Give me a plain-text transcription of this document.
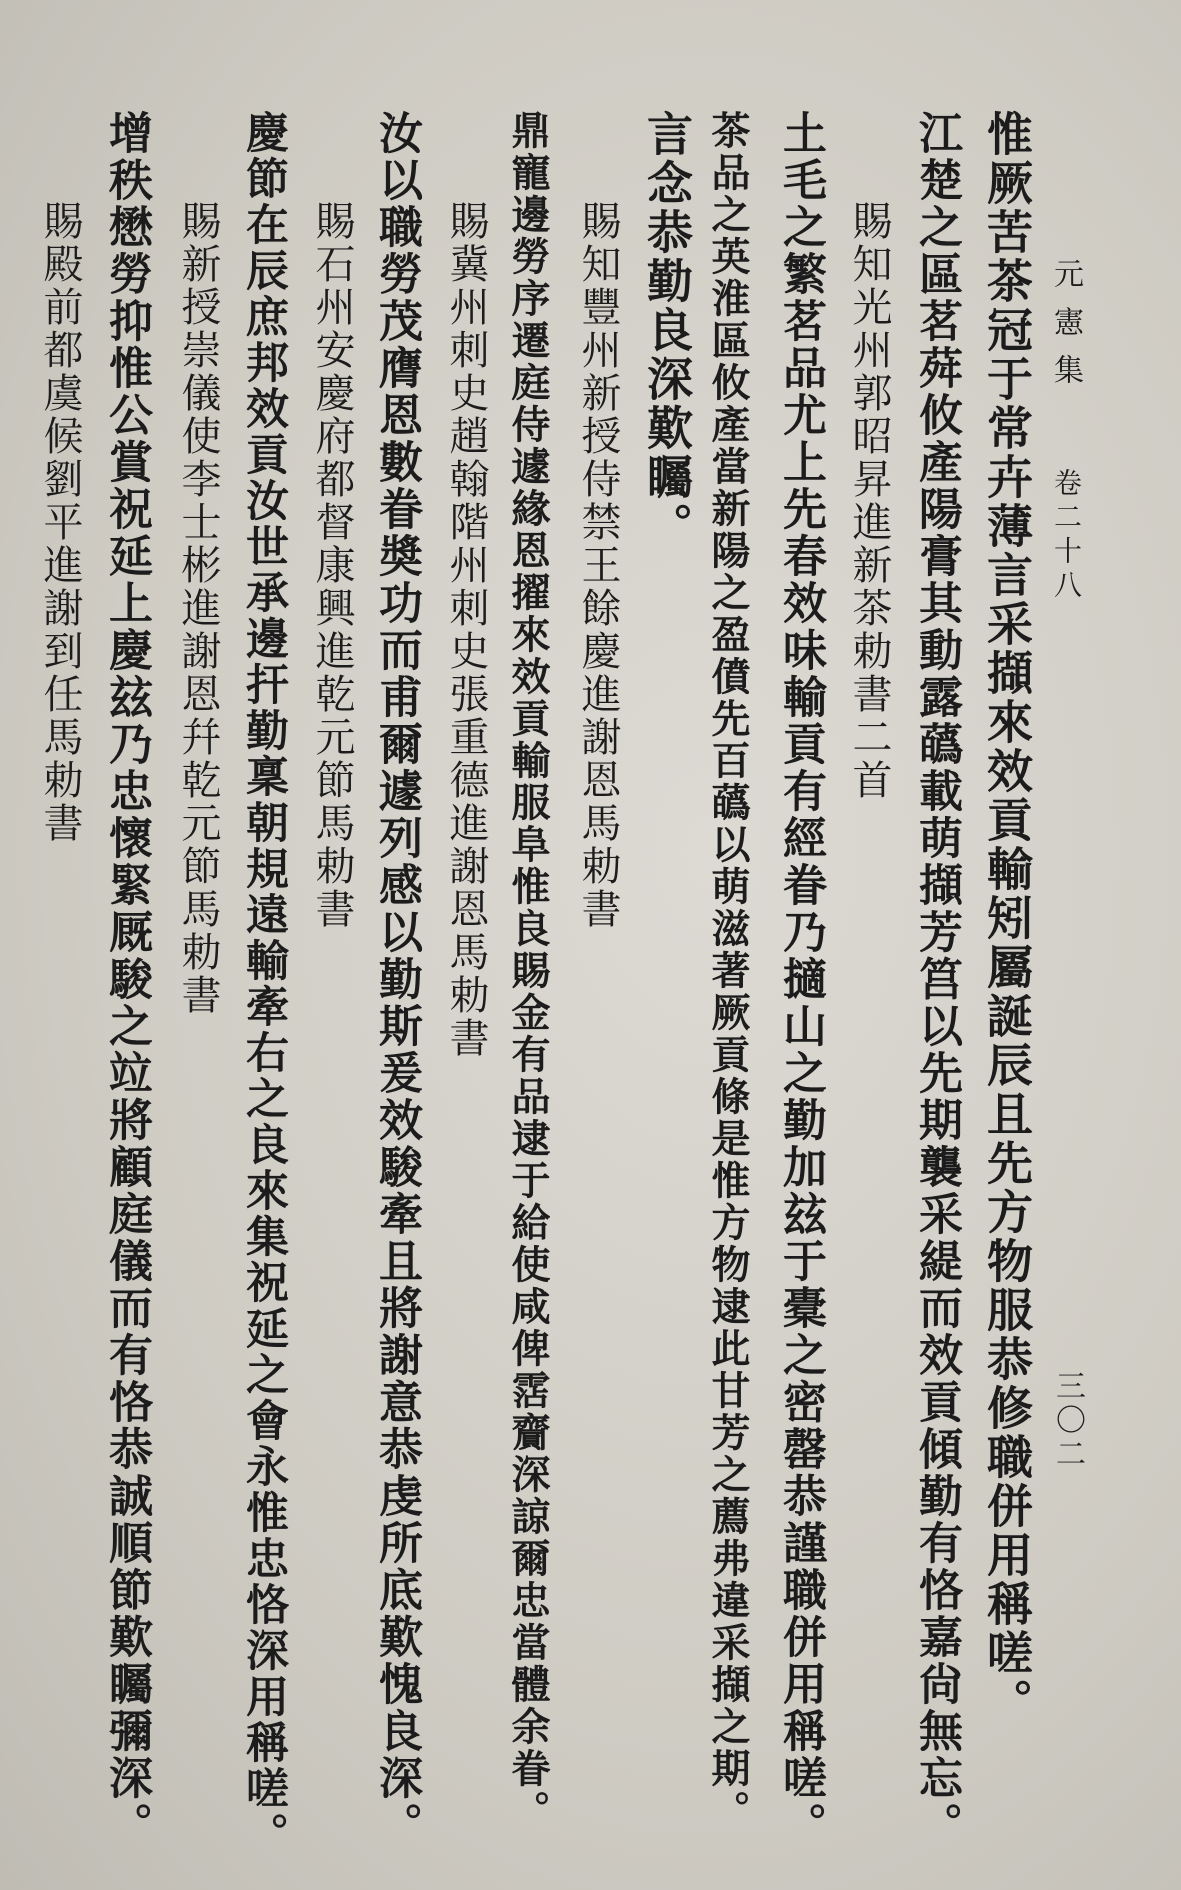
元憲集
卷二十八
三〇二
惟厥苦茶冠于常卉薄言采擷來效貢輸矧屬誕辰且先方物服恭修職併用稱嗟。
江楚之區茗荈攸產陽膏其動露蘤載萌擷芳筥以先期襲采緹而效貢傾勤有恪嘉尙無忘。
賜知光州郭昭昇進新茶勅書二首
土毛之繁茗品尤上先春效味輸貢有經眷乃擿山之勤加玆于橐之密罄恭謹職併用稱嗟。
茶品之英淮區攸產當新陽之盈僨先百蘤以萌滋著厥貢條是惟方物逮此甘芳之薦弗違采擷之期。
言念恭勤良深歎矚。
賜知豐州新授侍禁王餘慶進謝恩馬勅書
鼎寵邊勞序遷庭侍遽緣恩擢來效貢輸服阜惟良賜金有品逮于給使咸俾霑齎深諒爾忠當體余眷。
賜冀州刺史趙翰階州刺史張重德進謝恩馬勅書
汝以職勞茂膺恩數眷奬功而甫爾遽列感以勤斯爰效駿牽且將謝意恭虔所底歎愧良深。
賜石州安慶府都督康興進乾元節馬勅書
慶節在辰庶邦效貢汝世承邊扞勤稟朝規遠輸牽右之良來集祝延之會永惟忠恪深用稱嗟。
賜新授崇儀使李士彬進謝恩幷乾元節馬勅書
增秩懋勞抑惟公賞祝延上慶玆乃忠懷緊厩駿之竝將顧庭儀而有恪恭誠順節歎矚彌深。
賜殿前都虞候劉平進謝到任馬勅書
